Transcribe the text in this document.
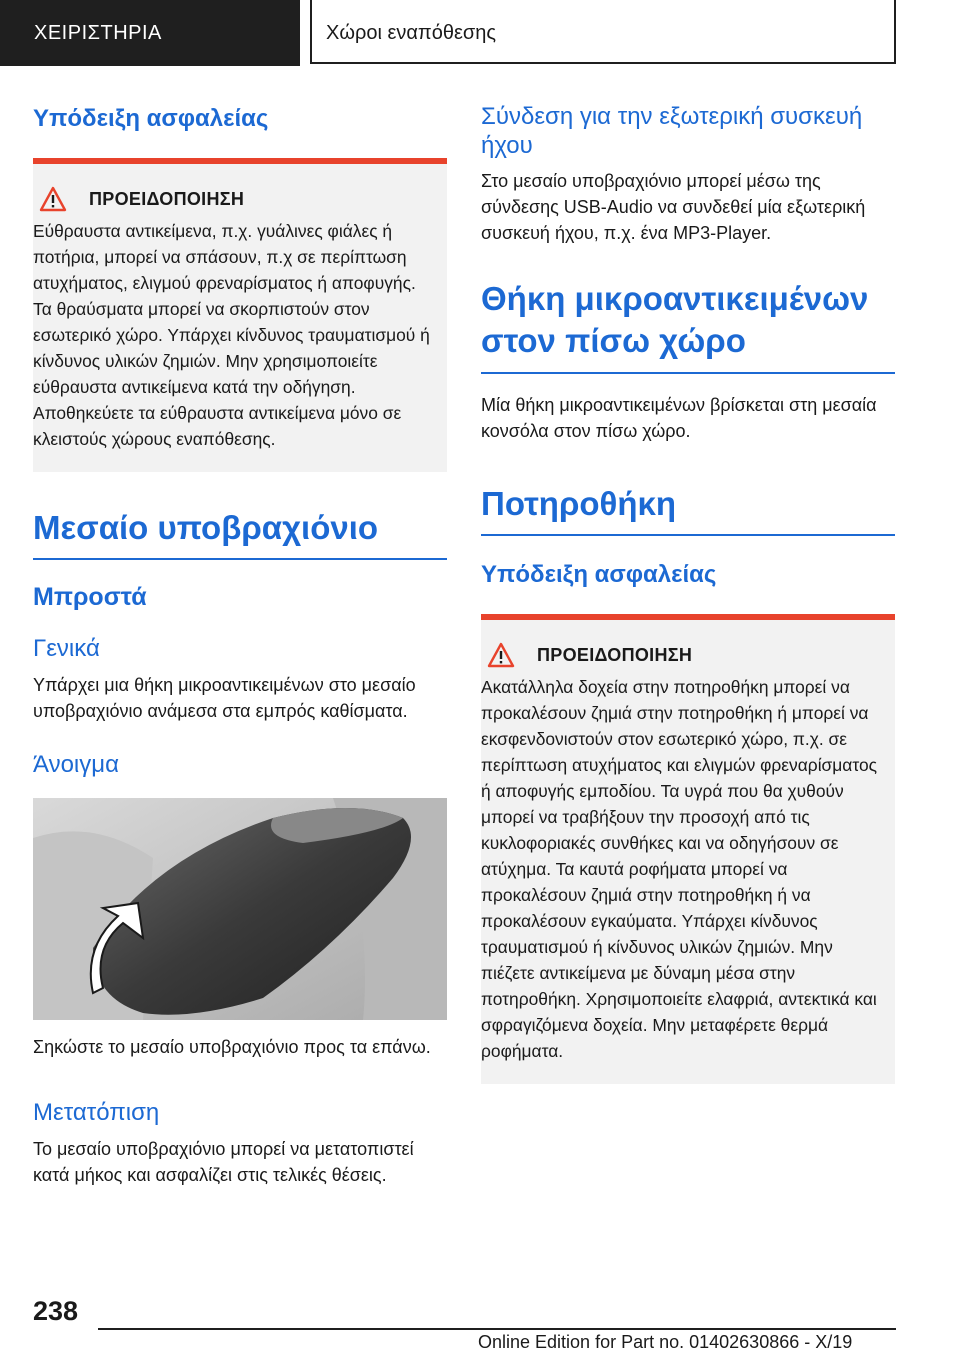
ΧΕΙΡΙΣΤΗΡΙΑ	Χώροι εναπόθεσης
Υπόδειξη ασφαλείας
ΠΡΟΕΙΔΟΠΟΙΗΣΗ

Εύθραυστα αντικείμενα, π.χ. γυάλινες φιάλες ή ποτήρια, μπορεί να σπάσουν, π.χ σε περίπτωση ατυχήματος, ελιγμού φρεναρίσματος ή αποφυγής. Τα θραύσματα μπορεί να σκορπιστούν στον εσωτερικό χώρο. Υπάρχει κίνδυνος τραυματισμού ή κίνδυνος υλικών ζημιών. Μην χρησιμοποιείτε εύθραυστα αντικείμενα κατά την οδήγηση. Αποθηκεύετε τα εύθραυστα αντικείμενα μόνο σε κλειστούς χώρους εναπόθεσης.

Μεσαίο υποβραχιόνιο
Μπροστά
Γενικά

Υπάρχει μια θήκη μικροαντικειμένων στο μεσαίο υποβραχιόνιο ανάμεσα στα εμπρός καθίσματα.

Άνοιγμα

Σηκώστε το μεσαίο υποβραχιόνιο προς τα επάνω.

Μετατόπιση

Το μεσαίο υποβραχιόνιο μπορεί να μετατοπιστεί κατά μήκος και ασφαλίζει στις τελικές θέσεις.

Σύνδεση για την εξωτερική συσκευή ήχου

Στο μεσαίο υποβραχιόνιο μπορεί μέσω της σύνδεσης USB-Audio να συνδεθεί μία εξωτερική συσκευή ήχου, π.χ. ένα MP3-Player.

Θήκη μικροαντικειμένων στον πίσω χώρο

Μία θήκη μικροαντικειμένων βρίσκεται στη μεσαία κονσόλα στον πίσω χώρο.

Ποτηροθήκη
Υπόδειξη ασφαλείας
ΠΡΟΕΙΔΟΠΟΙΗΣΗ

Ακατάλληλα δοχεία στην ποτηροθήκη μπορεί να προκαλέσουν ζημιά στην ποτηροθήκη ή μπορεί να εκσφενδονιστούν στον εσωτερικό χώρο, π.χ. σε περίπτωση ατυχήματος και ελιγμών φρεναρίσματος ή αποφυγής εμποδίου. Τα υγρά που θα χυθούν μπορεί να τραβήξουν την προσοχή από τις κυκλοφοριακές συνθήκες και να οδηγήσουν σε ατύχημα. Τα καυτά ροφήματα μπορεί να προκαλέσουν ζημιά στην ποτηροθήκη ή να προκαλέσουν εγκαύματα. Υπάρχει κίνδυνος τραυματισμού ή κίνδυνος υλικών ζημιών. Μην πιέζετε αντικείμενα με δύναμη μέσα στην ποτηροθήκη. Χρησιμοποιείτε ελαφριά, αντεκτικά και σφραγιζόμενα δοχεία. Μην μεταφέρετε θερμά ροφήματα.

238
Online Edition for Part no. 01402630866 - X/19
